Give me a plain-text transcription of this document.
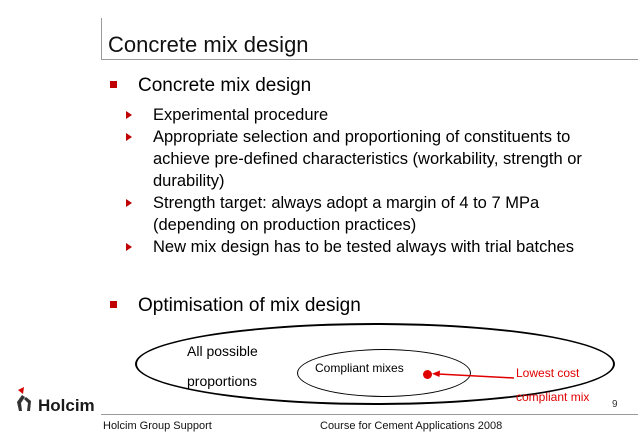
Concrete mix design
Concrete mix design
Experimental procedure
Appropriate selection and proportioning of constituents to achieve pre-defined characteristics (workability, strength or durability)
Strength target: always adopt a margin of 4 to 7 MPa (depending on production practices)
New mix design has to be tested always with trial batches
Optimisation of mix design
All possible
proportions
Compliant mixes	Lowest cost
compliant mix
Holcim	9
Holcim Group Support	Course for Cement Applications 2008
